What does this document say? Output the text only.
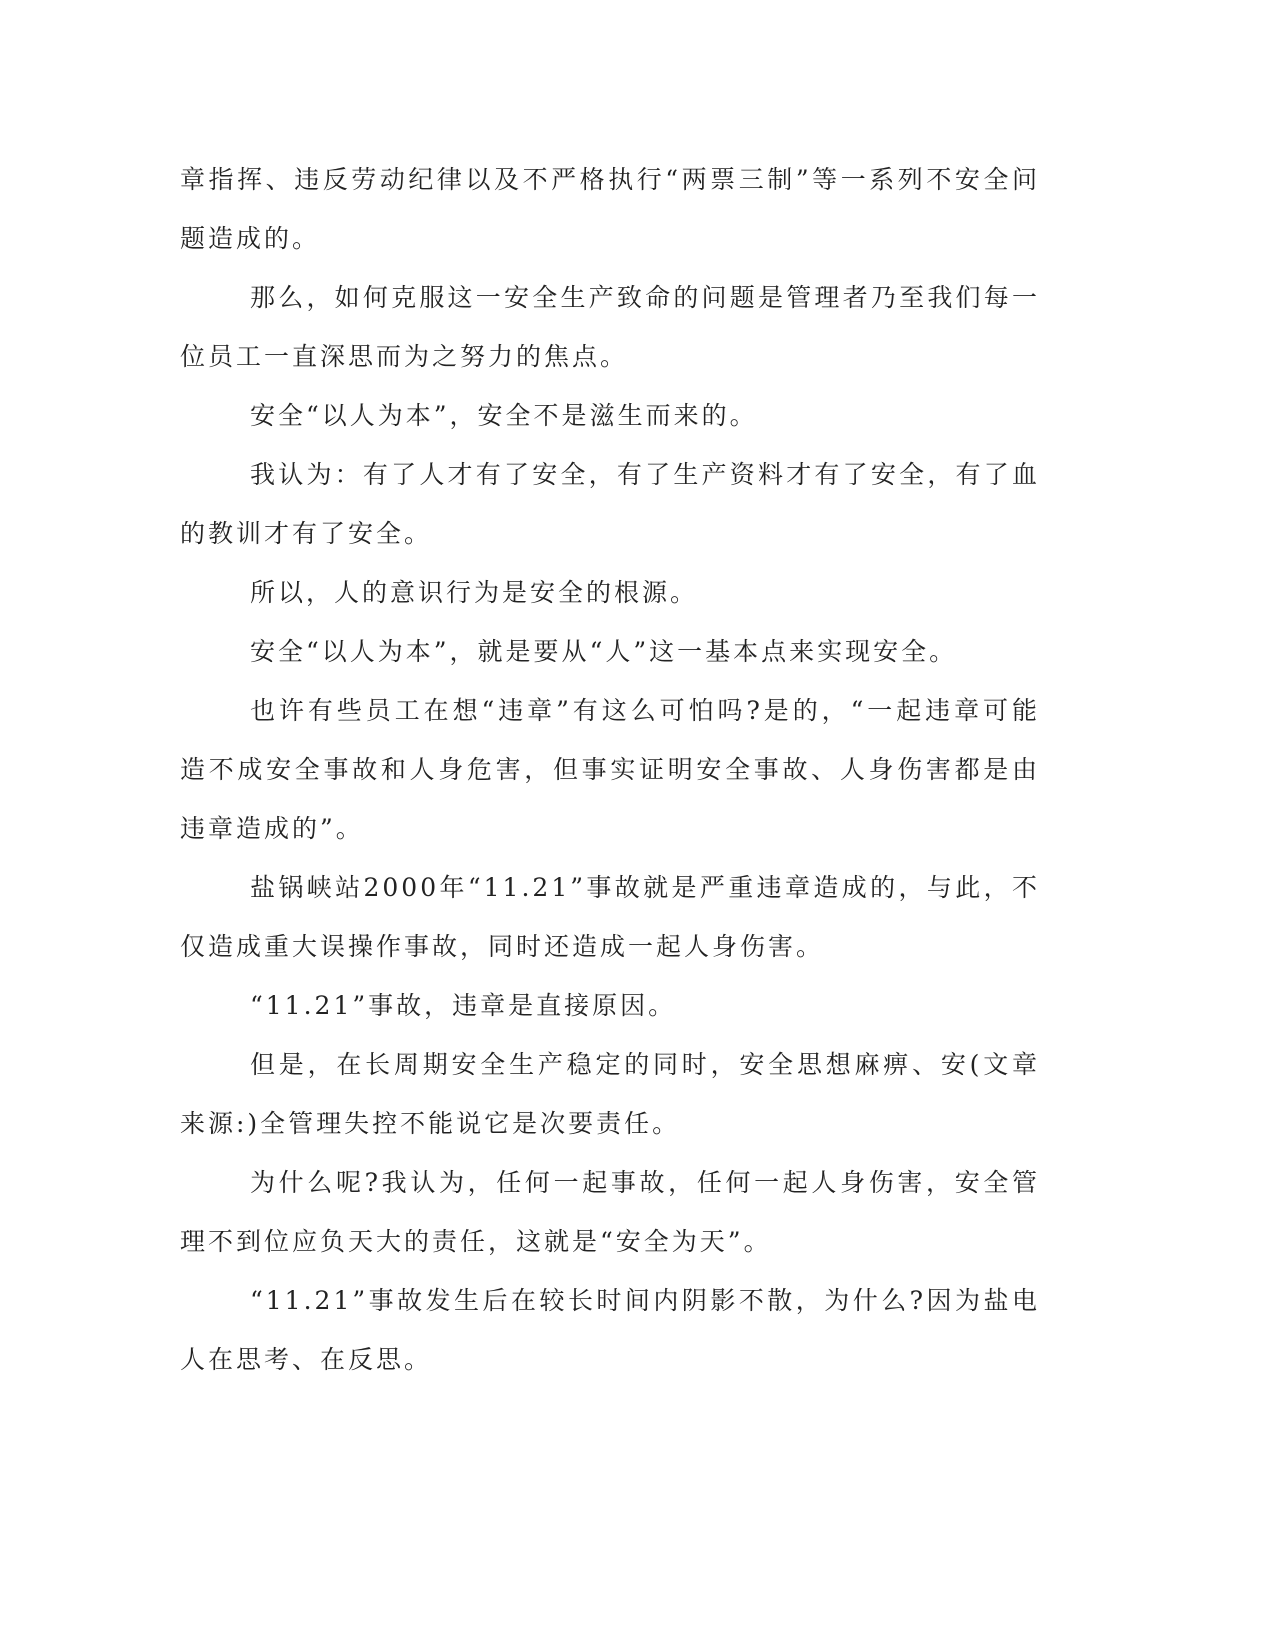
章指挥、违反劳动纪律以及不严格执行“两票三制”等一系列不安全问题造成的。

那么，如何克服这一安全生产致命的问题是管理者乃至我们每一位员工一直深思而为之努力的焦点。

安全“以人为本”，安全不是滋生而来的。

我认为：有了人才有了安全，有了生产资料才有了安全，有了血的教训才有了安全。

所以，人的意识行为是安全的根源。

安全“以人为本”，就是要从“人”这一基本点来实现安全。

也许有些员工在想“违章”有这么可怕吗?是的，“一起违章可能造不成安全事故和人身危害，但事实证明安全事故、人身伤害都是由违章造成的”。

盐锅峡站2000年“11.21”事故就是严重违章造成的，与此，不仅造成重大误操作事故，同时还造成一起人身伤害。

“11.21”事故，违章是直接原因。

但是，在长周期安全生产稳定的同时，安全思想麻痹、安(文章来源:)全管理失控不能说它是次要责任。

为什么呢?我认为，任何一起事故，任何一起人身伤害，安全管理不到位应负天大的责任，这就是“安全为天”。

“11.21”事故发生后在较长时间内阴影不散，为什么?因为盐电人在思考、在反思。
